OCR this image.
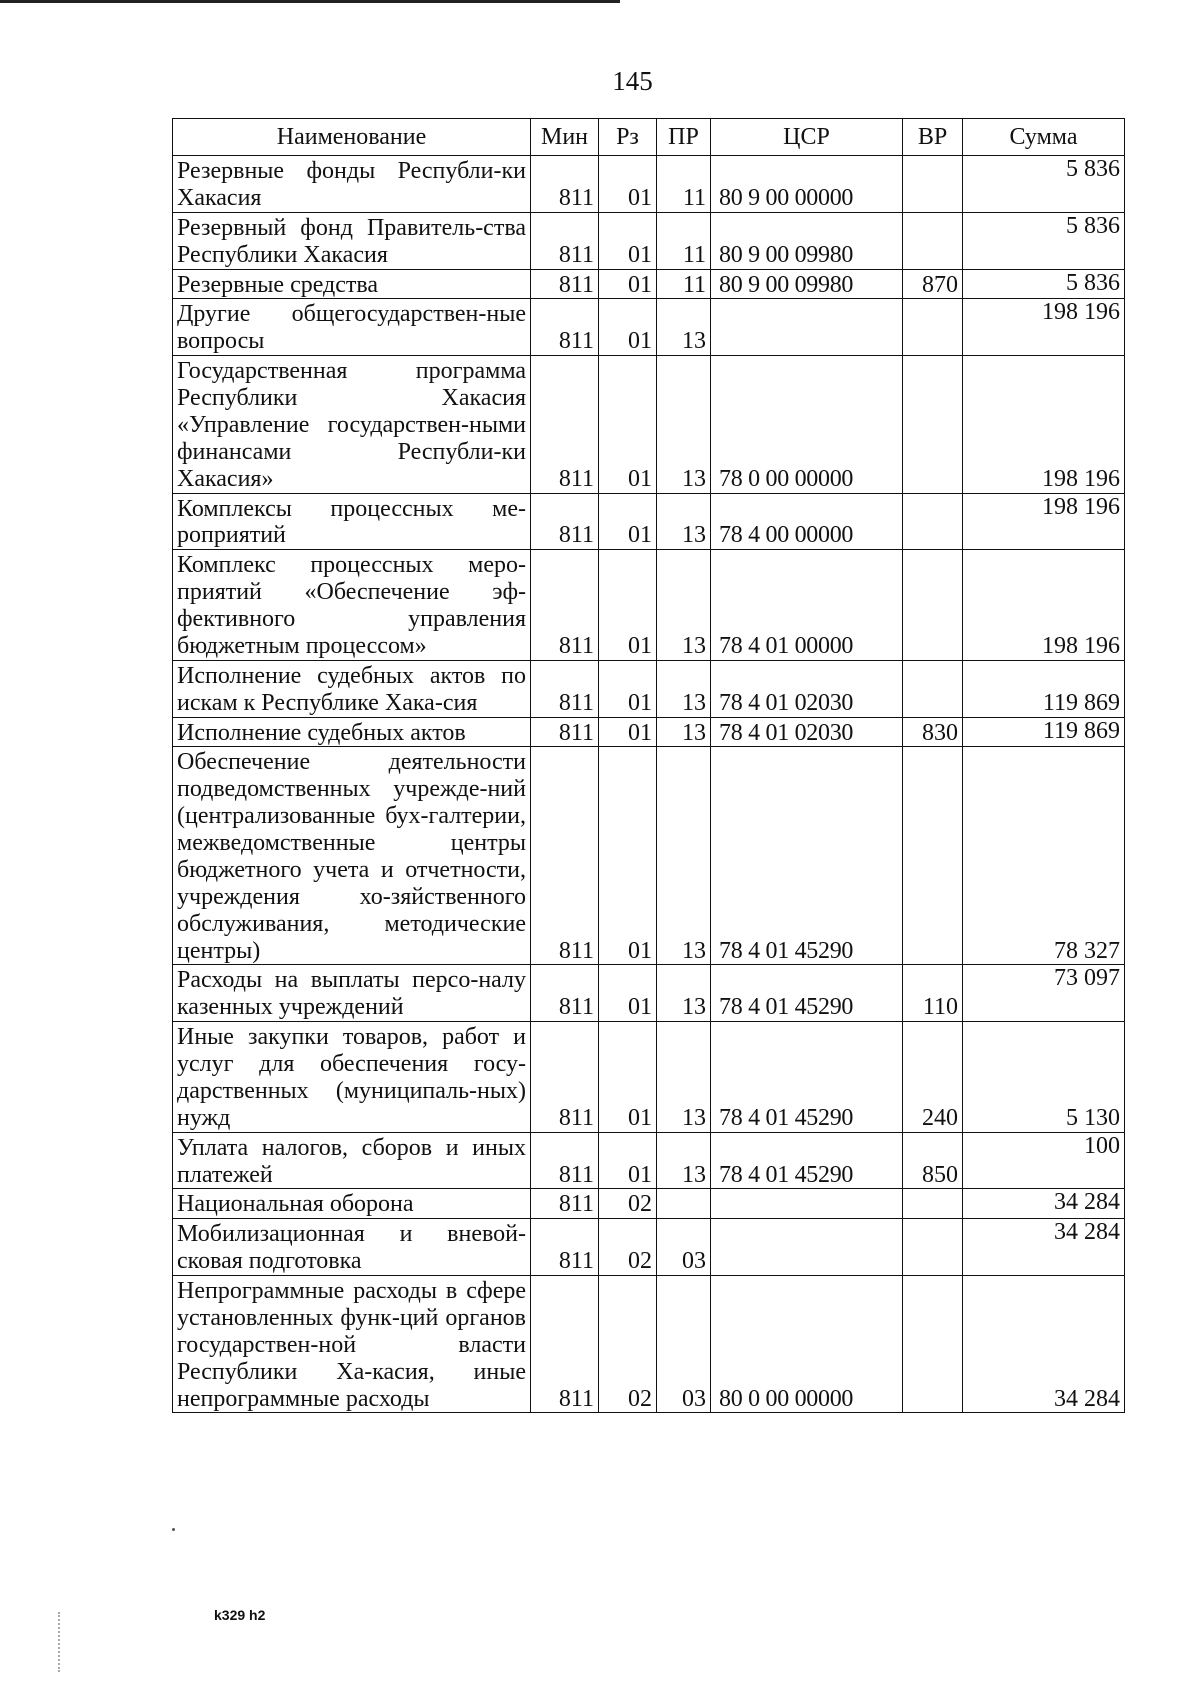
145
Наименование	Мин	Рз	ПР	ЦСР	ВР	Сумма
Резервные фонды Республи-ки Хакасия	811	01	11	80 9 00 00000		5 836
Резервный фонд Правитель-ства Республики Хакасия	811	01	11	80 9 00 09980		5 836
Резервные средства	811	01	11	80 9 00 09980	870	5 836
Другие общегосударствен-ные вопросы	811	01	13			198 196
Государственная программа Республики Хакасия «Управление государствен-ными финансами Республи-ки Хакасия»	811	01	13	78 0 00 00000		198 196
Комплексы процессных ме-роприятий	811	01	13	78 4 00 00000		198 196
Комплекс процессных меро-приятий «Обеспечение эф-фективного управления бюджетным процессом»	811	01	13	78 4 01 00000		198 196
Исполнение судебных актов по искам к Республике Хака-сия	811	01	13	78 4 01 02030		119 869
Исполнение судебных актов	811	01	13	78 4 01 02030	830	119 869
Обеспечение деятельности подведомственных учрежде-ний (централизованные бух-галтерии, межведомственные центры бюджетного учета и отчетности, учреждения хо-зяйственного обслуживания, методические центры)	811	01	13	78 4 01 45290		78 327
Расходы на выплаты персо-налу казенных учреждений	811	01	13	78 4 01 45290	110	73 097
Иные закупки товаров, работ и услуг для обеспечения госу-дарственных (муниципаль-ных) нужд	811	01	13	78 4 01 45290	240	5 130
Уплата налогов, сборов и иных платежей	811	01	13	78 4 01 45290	850	100
Национальная оборона	811	02				34 284
Мобилизационная и вневой-сковая подготовка	811	02	03			34 284
Непрограммные расходы в сфере установленных функ-ций органов государствен-ной власти Республики Ха-касия, иные непрограммные расходы	811	02	03	80 0 00 00000		34 284
k329 h2
